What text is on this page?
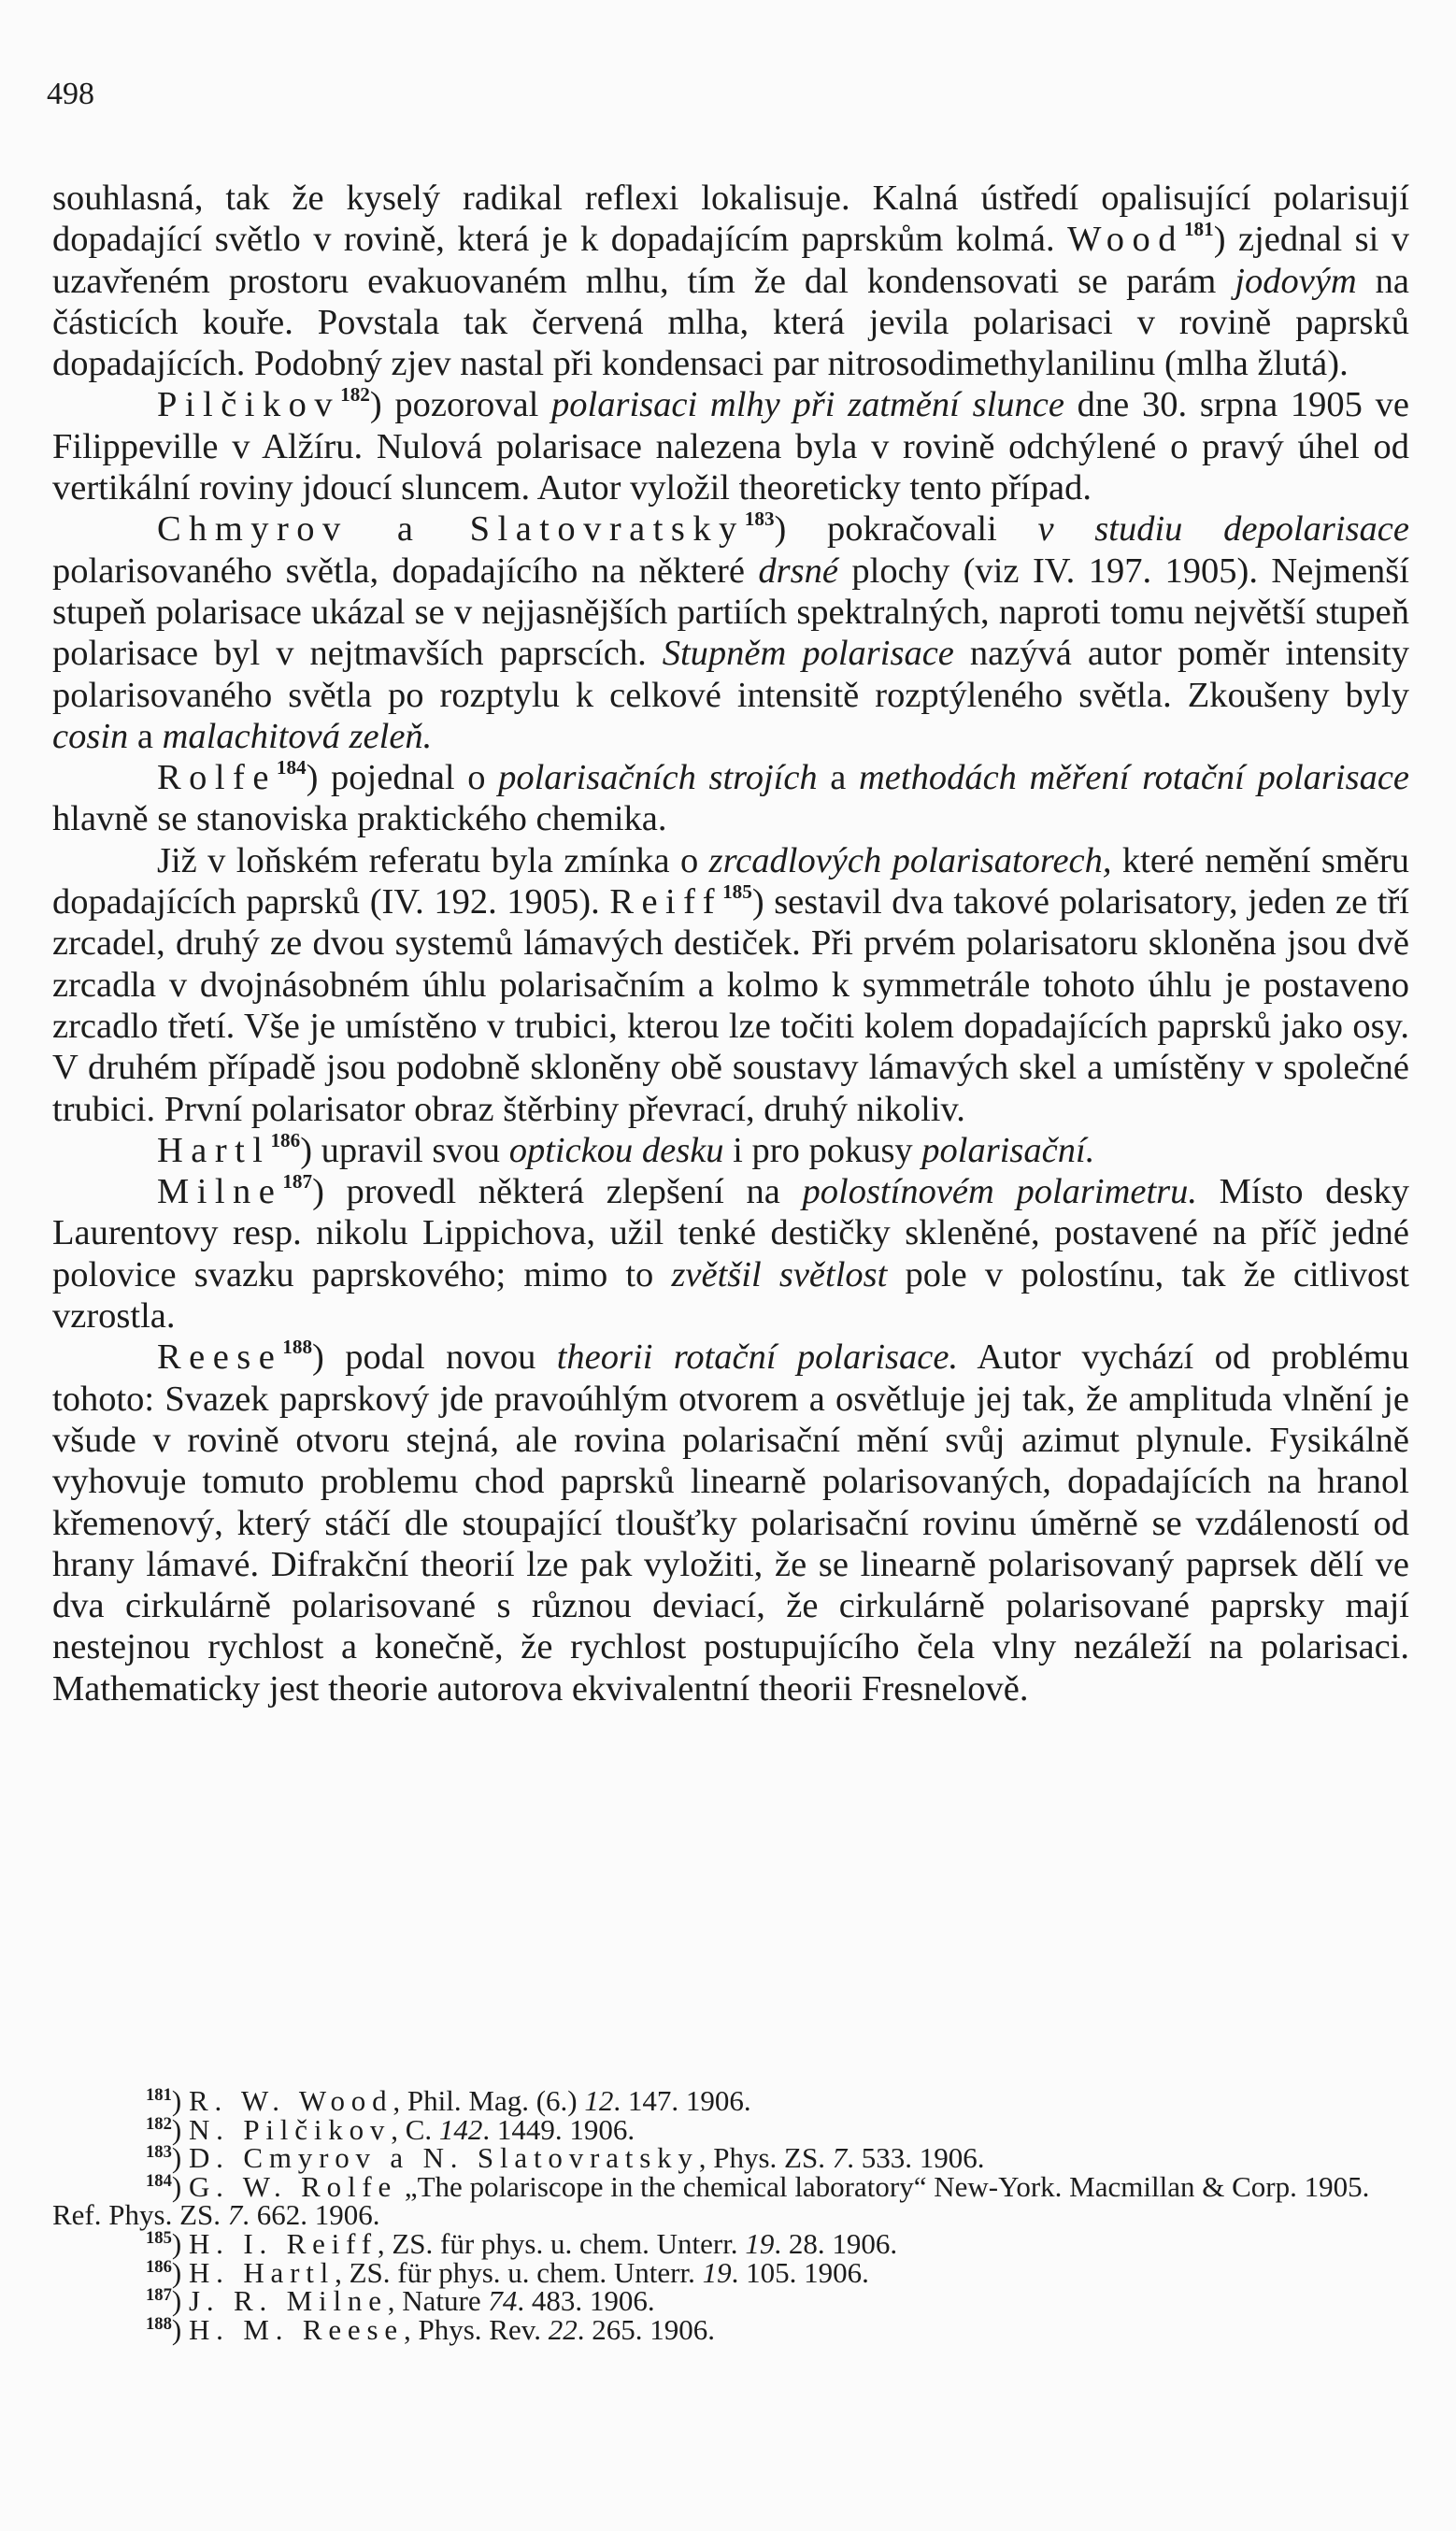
498

souhlasná, tak že kyselý radikal reflexi lokalisuje. Kalná ústředí opalisující polarisují dopadající světlo v rovině, která je k dopadajícím paprskům kolmá. Wood$^{181}$) zjednal si v uzavřeném prostoru evakuovaném mlhu, tím že dal kondensovati se parám jodovým na částicích kouře. Povstala tak červená mlha, která jevila polarisaci v rovině paprsků dopadajících. Podobný zjev nastal při kondensaci par nitrosodimethylanilinu (mlha žlutá).

Pilčikov$^{182}$) pozoroval polarisaci mlhy při zatmění slunce dne 30. srpna 1905 ve Filippeville v Alžíru. Nulová polarisace nalezena byla v rovině odchýlené o pravý úhel od vertikální roviny jdoucí sluncem. Autor vyložil theoreticky tento případ.

Chmyrov a Slatovratsky$^{183}$) pokračovali v studiu depolarisace polarisovaného světla, dopadajícího na některé drsné plochy (viz IV. 197. 1905). Nejmenší stupeň polarisace ukázal se v nejjasnějších partiích spektralných, naproti tomu největší stupeň polarisace byl v nejtmavších paprscích. Stupněm polarisace nazývá autor poměr intensity polarisovaného světla po rozptylu k celkové intensitě rozptýleného světla. Zkoušeny byly cosin a malachitová zeleň.

Rolfe$^{184}$) pojednal o polarisačních strojích a methodách měření rotační polarisace hlavně se stanoviska praktického chemika.

Již v loňském referatu byla zmínka o zrcadlových polarisatorech, které nemění směru dopadajících paprsků (IV. 192. 1905). Reiff$^{185}$) sestavil dva takové polarisatory, jeden ze tří zrcadel, druhý ze dvou systemů lámavých destiček. Při prvém polarisatoru skloněna jsou dvě zrcadla v dvojnásobném úhlu polarisačním a kolmo k symmetrále tohoto úhlu je postaveno zrcadlo třetí. Vše je umístěno v trubici, kterou lze točiti kolem dopadajících paprsků jako osy. V druhém případě jsou podobně skloněny obě soustavy lámavých skel a umístěny v společné trubici. První polarisator obraz štěrbiny převrací, druhý nikoliv.

Hartl$^{186}$) upravil svou optickou desku i pro pokusy polarisační.

Milne$^{187}$) provedl některá zlepšení na polostínovém polarimetru. Místo desky Laurentovy resp. nikolu Lippichova, užil tenké destičky skleněné, postavené na příč jedné polovice svazku paprskového; mimo to zvětšil světlost pole v polostínu, tak že citlivost vzrostla.

Reese$^{188}$) podal novou theorii rotační polarisace. Autor vychází od problému tohoto: Svazek paprskový jde pravoúhlým otvorem a osvětluje jej tak, že amplituda vlnění je všude v rovině otvoru stejná, ale rovina polarisační mění svůj azimut plynule. Fysikálně vyhovuje tomuto problemu chod paprsků linearně polarisovaných, dopadajících na hranol křemenový, který stáčí dle stoupající tloušťky polarisační rovinu úměrně se vzdáleností od hrany lámavé. Difrakční theorií lze pak vyložiti, že se linearně polarisovaný paprsek dělí ve dva cirkulárně polarisované s různou deviací, že cirkulárně polarisované paprsky mají nestejnou rychlost a konečně, že rychlost postupujícího čela vlny nezáleží na polarisaci. Mathematicky jest theorie autorova ekvivalentní theorii Fresnelově.

$^{181}$) R. W. Wood, Phil. Mag. (6.) 12. 147. 1906.

$^{182}$) N. Pilčikov, C. 142. 1449. 1906.

$^{183}$) D. Cmyrov a N. Slatovratsky, Phys. ZS. 7. 533. 1906.

$^{184}$) G. W. Rolfe „The polariscope in the chemical laboratory“ New-York. Macmillan & Corp. 1905. Ref. Phys. ZS. 7. 662. 1906.

$^{185}$) H. I. Reiff, ZS. für phys. u. chem. Unterr. 19. 28. 1906.

$^{186}$) H. Hartl, ZS. für phys. u. chem. Unterr. 19. 105. 1906.

$^{187}$) J. R. Milne, Nature 74. 483. 1906.

$^{188}$) H. M. Reese, Phys. Rev. 22. 265. 1906.
